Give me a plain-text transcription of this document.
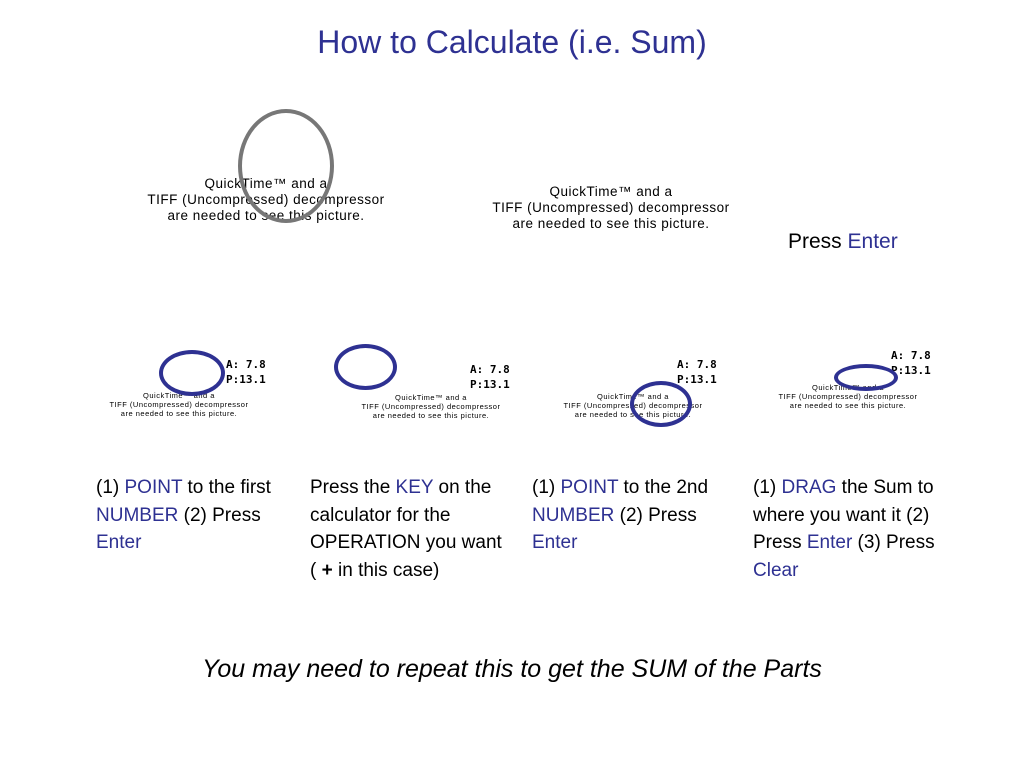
How to Calculate (i.e. Sum)
QuickTime™ and a
TIFF (Uncompressed) decompressor
are needed to see this picture.
QuickTime™ and a
TIFF (Uncompressed) decompressor
are needed to see this picture.
Press Enter
A: 7.8
P:13.1
QuickTime™ and a
TIFF (Uncompressed) decompressor
are needed to see this picture.
A: 7.8
P:13.1
QuickTime™ and a
TIFF (Uncompressed) decompressor
are needed to see this picture.
A: 7.8
P:13.1
QuickTime™ and a
TIFF (Uncompressed) decompressor
are needed to see this picture.
A: 7.8
P:13.1
QuickTime™ and a
TIFF (Uncompressed) decompressor
are needed to see this picture.
(1) POINT to the first NUMBER (2) Press Enter
Press the KEY on the calculator for the OPERATION you want ( + in this case)
(1) POINT to the 2nd NUMBER (2) Press Enter
(1) DRAG the Sum to where you want it (2) Press Enter (3) Press Clear
You may need to repeat this to get the SUM of the Parts
